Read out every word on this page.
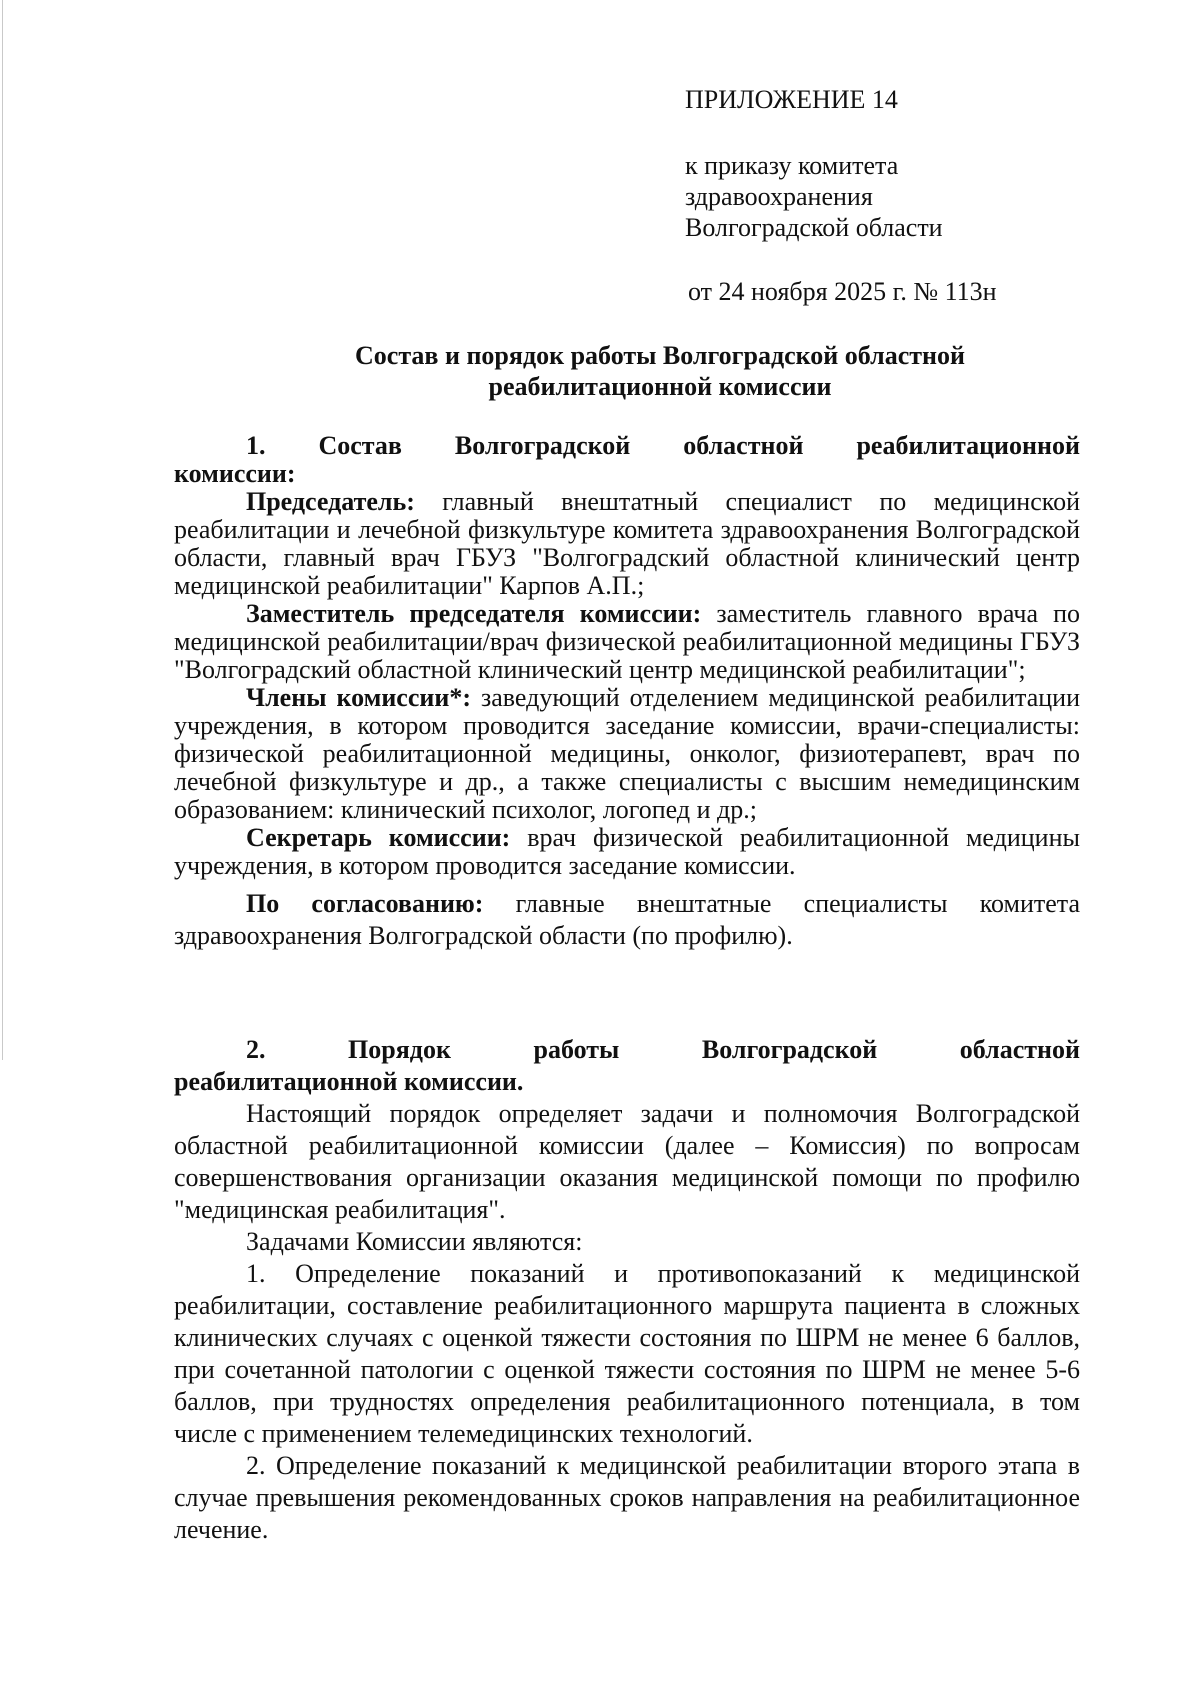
ПРИЛОЖЕНИЕ 14
к приказу комитета
здравоохранения
Волгоградской области
от 24 ноября 2025 г. № 113н
Состав и порядок работы Волгоградской областной
реабилитационной комиссии
1. Состав Волгоградской областной реабилитационной
комиссии:

Председатель: главный внештатный специалист по медицинской реабилитации и лечебной физкультуре комитета здравоохранения Волгоградской области, главный врач ГБУЗ "Волгоградский областной клинический центр медицинской реабилитации" Карпов А.П.;

Заместитель председателя комиссии: заместитель главного врача по медицинской реабилитации/врач физической реабилитационной медицины ГБУЗ "Волгоградский областной клинический центр медицинской реабилитации";

Члены комиссии*: заведующий отделением медицинской реабилитации учреждения, в котором проводится заседание комиссии, врачи-специалисты: физической реабилитационной медицины, онколог, физиотерапевт, врач по лечебной физкультуре и др., а также специалисты с высшим немедицинским образованием: клинический психолог, логопед и др.;

Секретарь комиссии: врач физической реабилитационной медицины учреждения, в котором проводится заседание комиссии.

По согласованию: главные внештатные специалисты комитета здравоохранения Волгоградской области (по профилю).

2.	Порядок	работы	Волгоградской	областной
реабилитационной комиссии.

Настоящий порядок определяет задачи и полномочия Волгоградской областной реабилитационной комиссии (далее – Комиссия) по вопросам совершенствования организации оказания медицинской помощи по профилю "медицинская реабилитация".

Задачами Комиссии являются:

1. Определение показаний и противопоказаний к медицинской реабилитации, составление реабилитационного маршрута пациента в сложных клинических случаях с оценкой тяжести состояния по ШРМ не менее 6 баллов, при сочетанной патологии с оценкой тяжести состояния по ШРМ не менее 5-6 баллов, при трудностях определения реабилитационного потенциала, в том числе с применением телемедицинских технологий.

2. Определение показаний к медицинской реабилитации второго этапа в случае превышения рекомендованных сроков направления на реабилитационное лечение.
